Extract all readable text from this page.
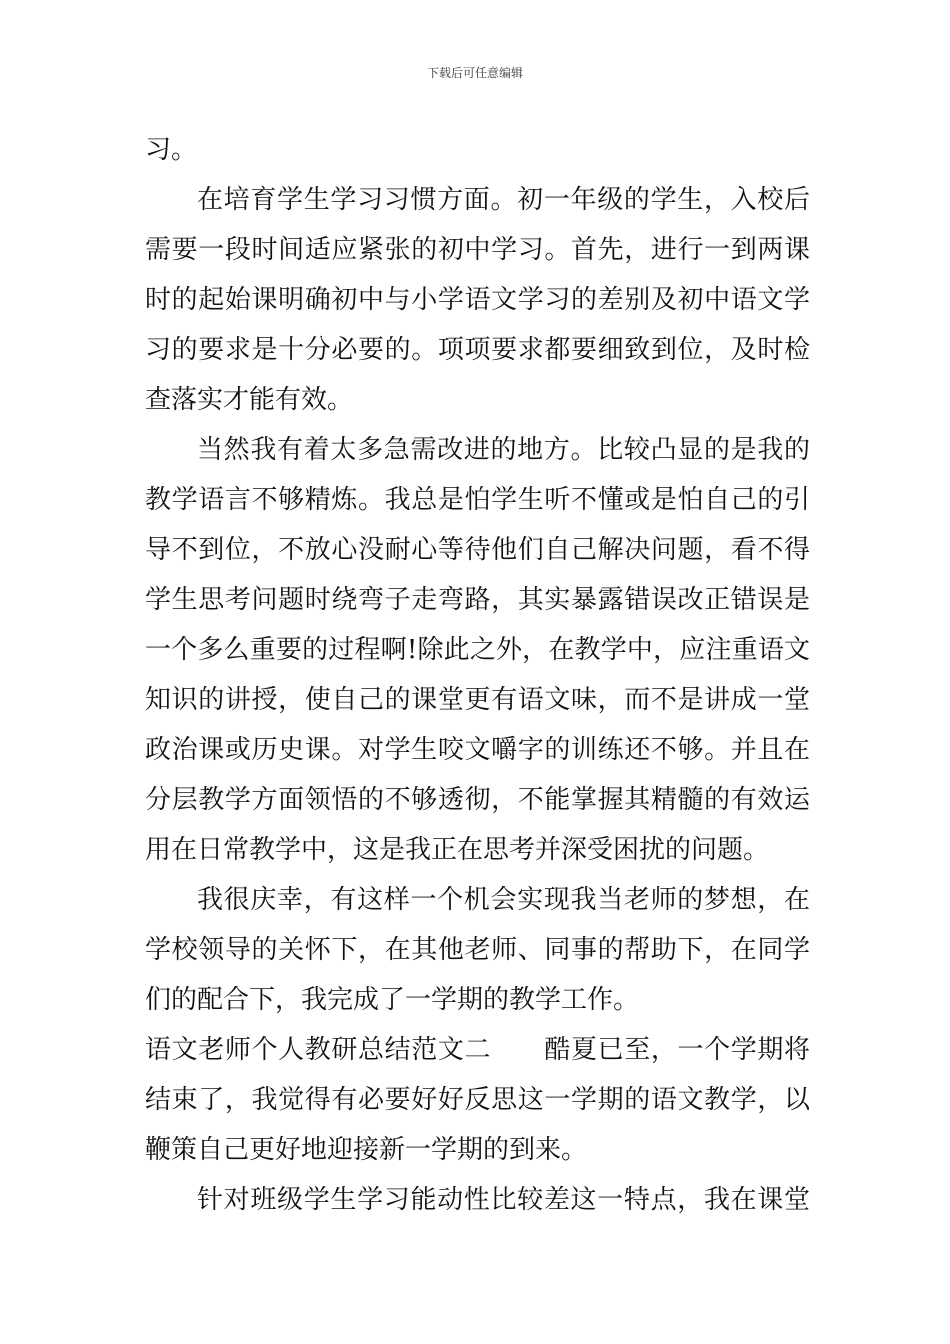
下载后可任意编辑
习。
在培育学生学习习惯方面。初一年级的学生，入校后
需要一段时间适应紧张的初中学习。首先，进行一到两课
时的起始课明确初中与小学语文学习的差别及初中语文学
习的要求是十分必要的。项项要求都要细致到位，及时检
查落实才能有效。
当然我有着太多急需改进的地方。比较凸显的是我的
教学语言不够精炼。我总是怕学生听不懂或是怕自己的引
导不到位，不放心没耐心等待他们自己解决问题，看不得
学生思考问题时绕弯子走弯路，其实暴露错误改正错误是
一个多么重要的过程啊!除此之外，在教学中，应注重语文
知识的讲授，使自己的课堂更有语文味，而不是讲成一堂
政治课或历史课。对学生咬文嚼字的训练还不够。并且在
分层教学方面领悟的不够透彻，不能掌握其精髓的有效运
用在日常教学中，这是我正在思考并深受困扰的问题。
我很庆幸，有这样一个机会实现我当老师的梦想，在
学校领导的关怀下，在其他老师、同事的帮助下，在同学
们的配合下，我完成了一学期的教学工作。
语文老师个人教研总结范文二　　酷夏已至，一个学期将
结束了，我觉得有必要好好反思这一学期的语文教学，以
鞭策自己更好地迎接新一学期的到来。
针对班级学生学习能动性比较差这一特点，我在课堂
